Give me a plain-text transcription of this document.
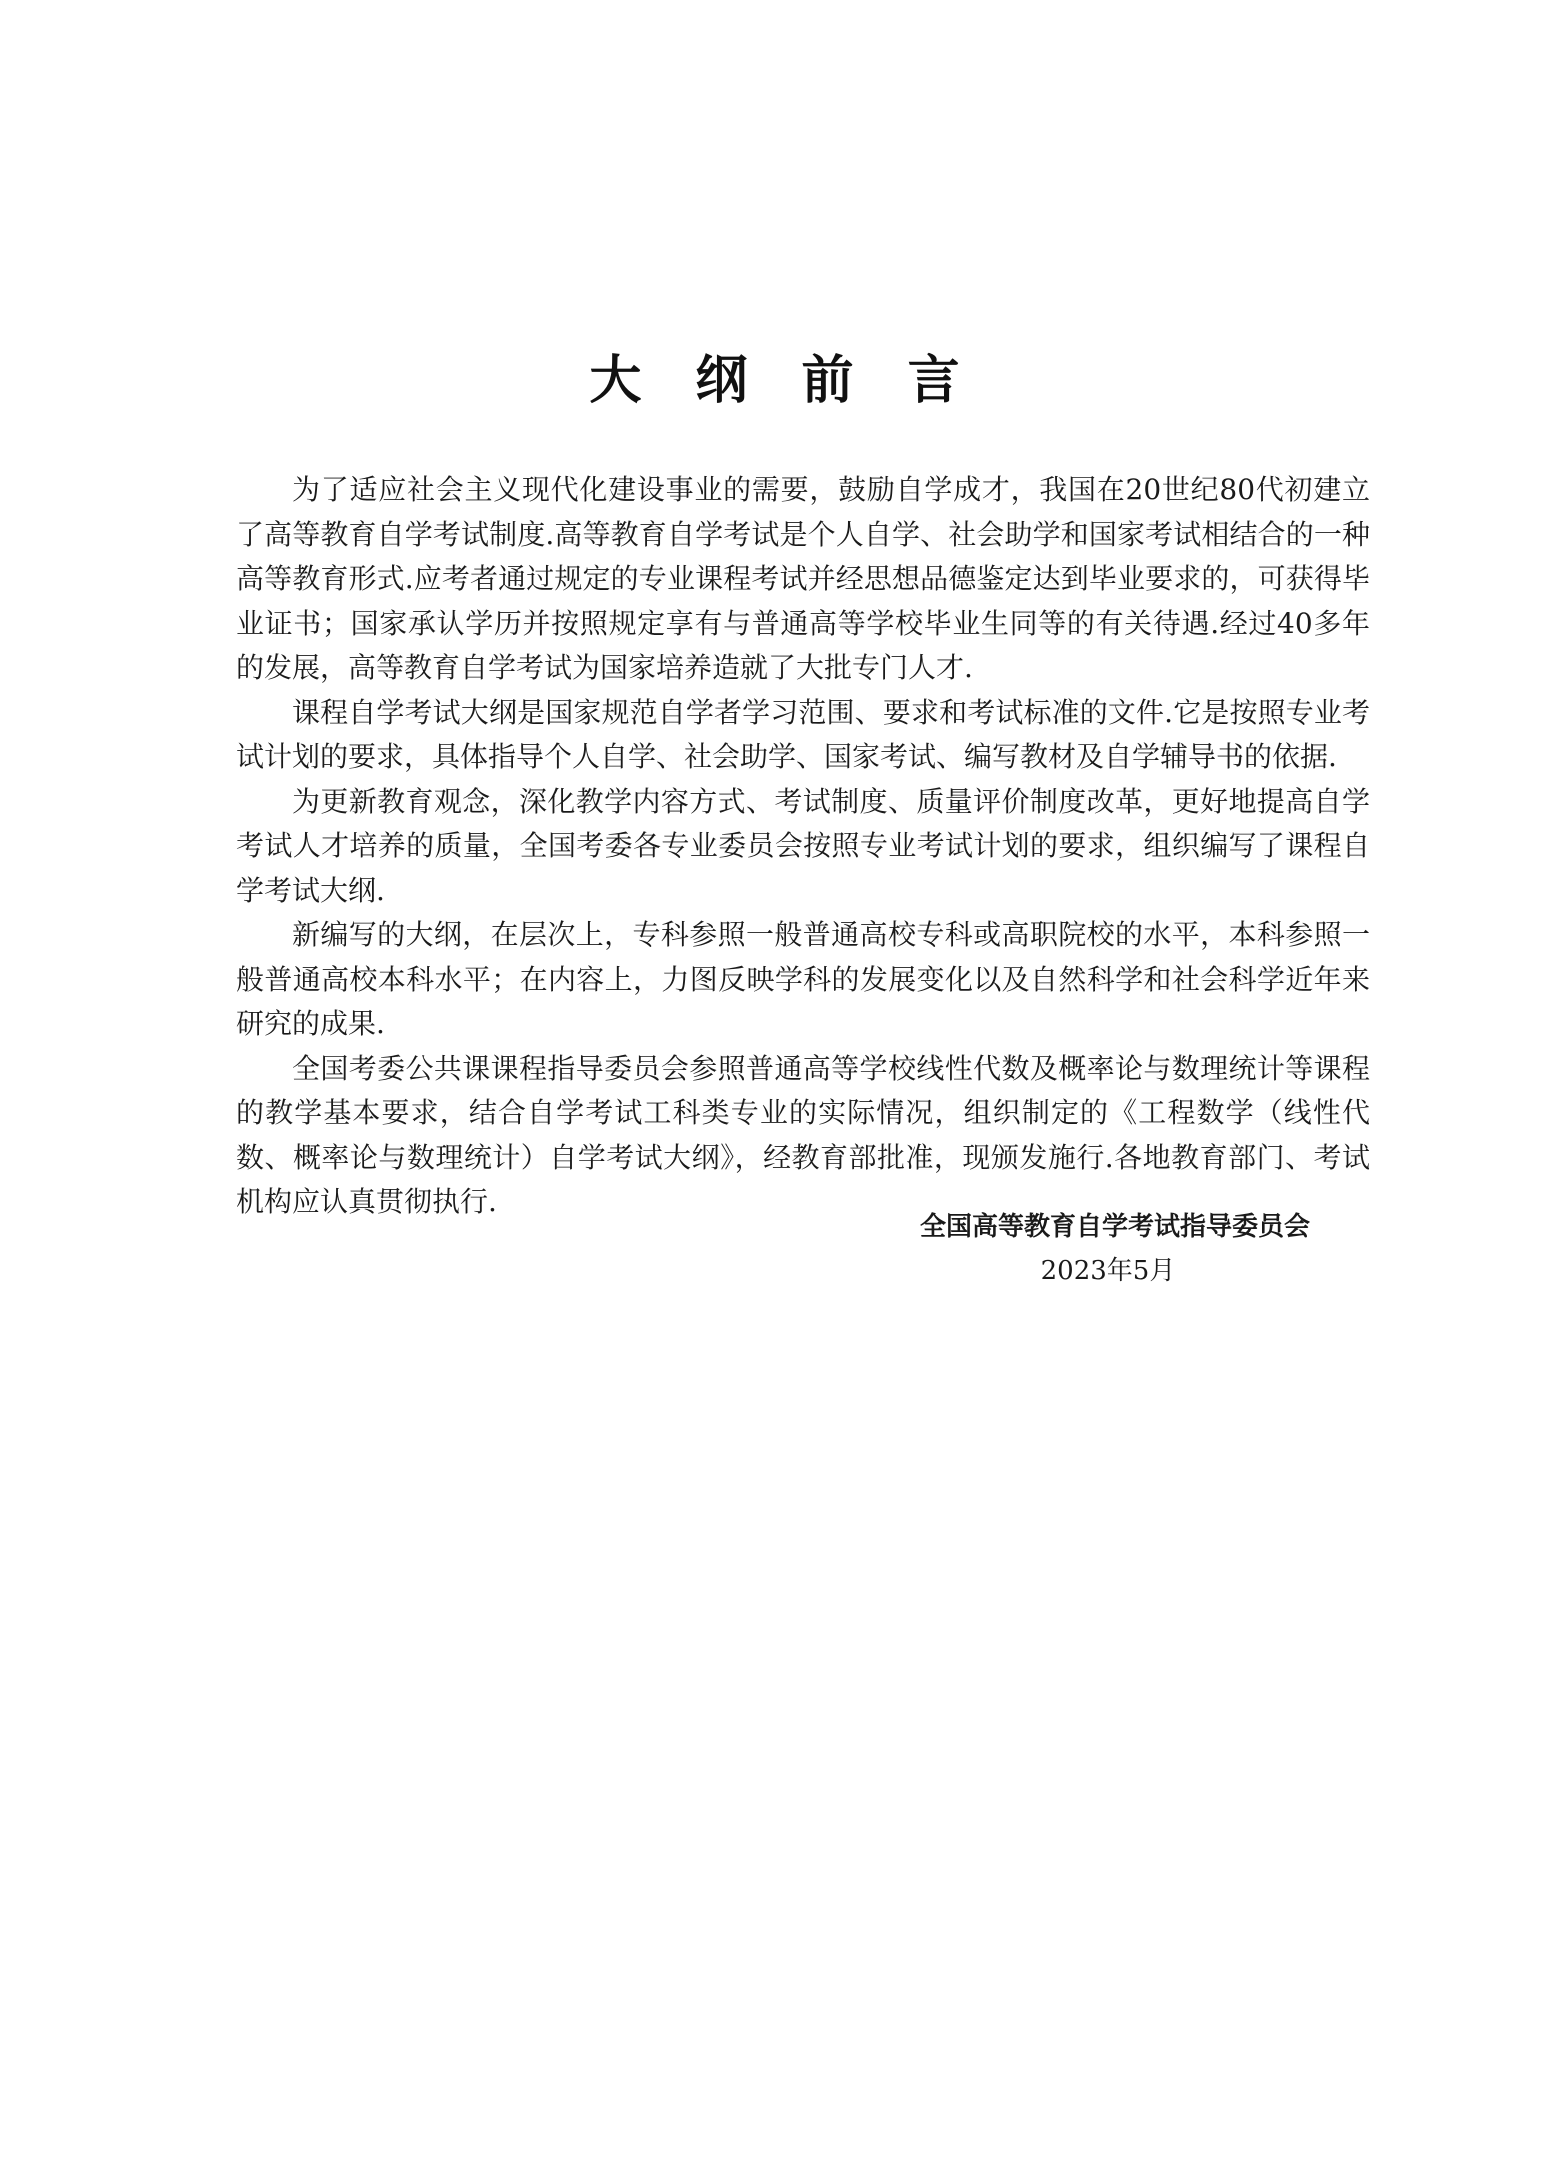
大 纲 前 言

为了适应社会主义现代化建设事业的需要，鼓励自学成才，我国在20世纪80代初建立了高等教育自学考试制度.高等教育自学考试是个人自学、社会助学和国家考试相结合的一种高等教育形式.应考者通过规定的专业课程考试并经思想品德鉴定达到毕业要求的，可获得毕业证书；国家承认学历并按照规定享有与普通高等学校毕业生同等的有关待遇.经过40多年的发展，高等教育自学考试为国家培养造就了大批专门人才.

课程自学考试大纲是国家规范自学者学习范围、要求和考试标准的文件.它是按照专业考试计划的要求，具体指导个人自学、社会助学、国家考试、编写教材及自学辅导书的依据.

为更新教育观念，深化教学内容方式、考试制度、质量评价制度改革，更好地提高自学考试人才培养的质量，全国考委各专业委员会按照专业考试计划的要求，组织编写了课程自学考试大纲.

新编写的大纲，在层次上，专科参照一般普通高校专科或高职院校的水平，本科参照一般普通高校本科水平；在内容上，力图反映学科的发展变化以及自然科学和社会科学近年来研究的成果.

全国考委公共课课程指导委员会参照普通高等学校线性代数及概率论与数理统计等课程的教学基本要求，结合自学考试工科类专业的实际情况，组织制定的《工程数学（线性代数、概率论与数理统计）自学考试大纲》，经教育部批准，现颁发施行.各地教育部门、考试机构应认真贯彻执行.

全国高等教育自学考试指导委员会
2023年5月
